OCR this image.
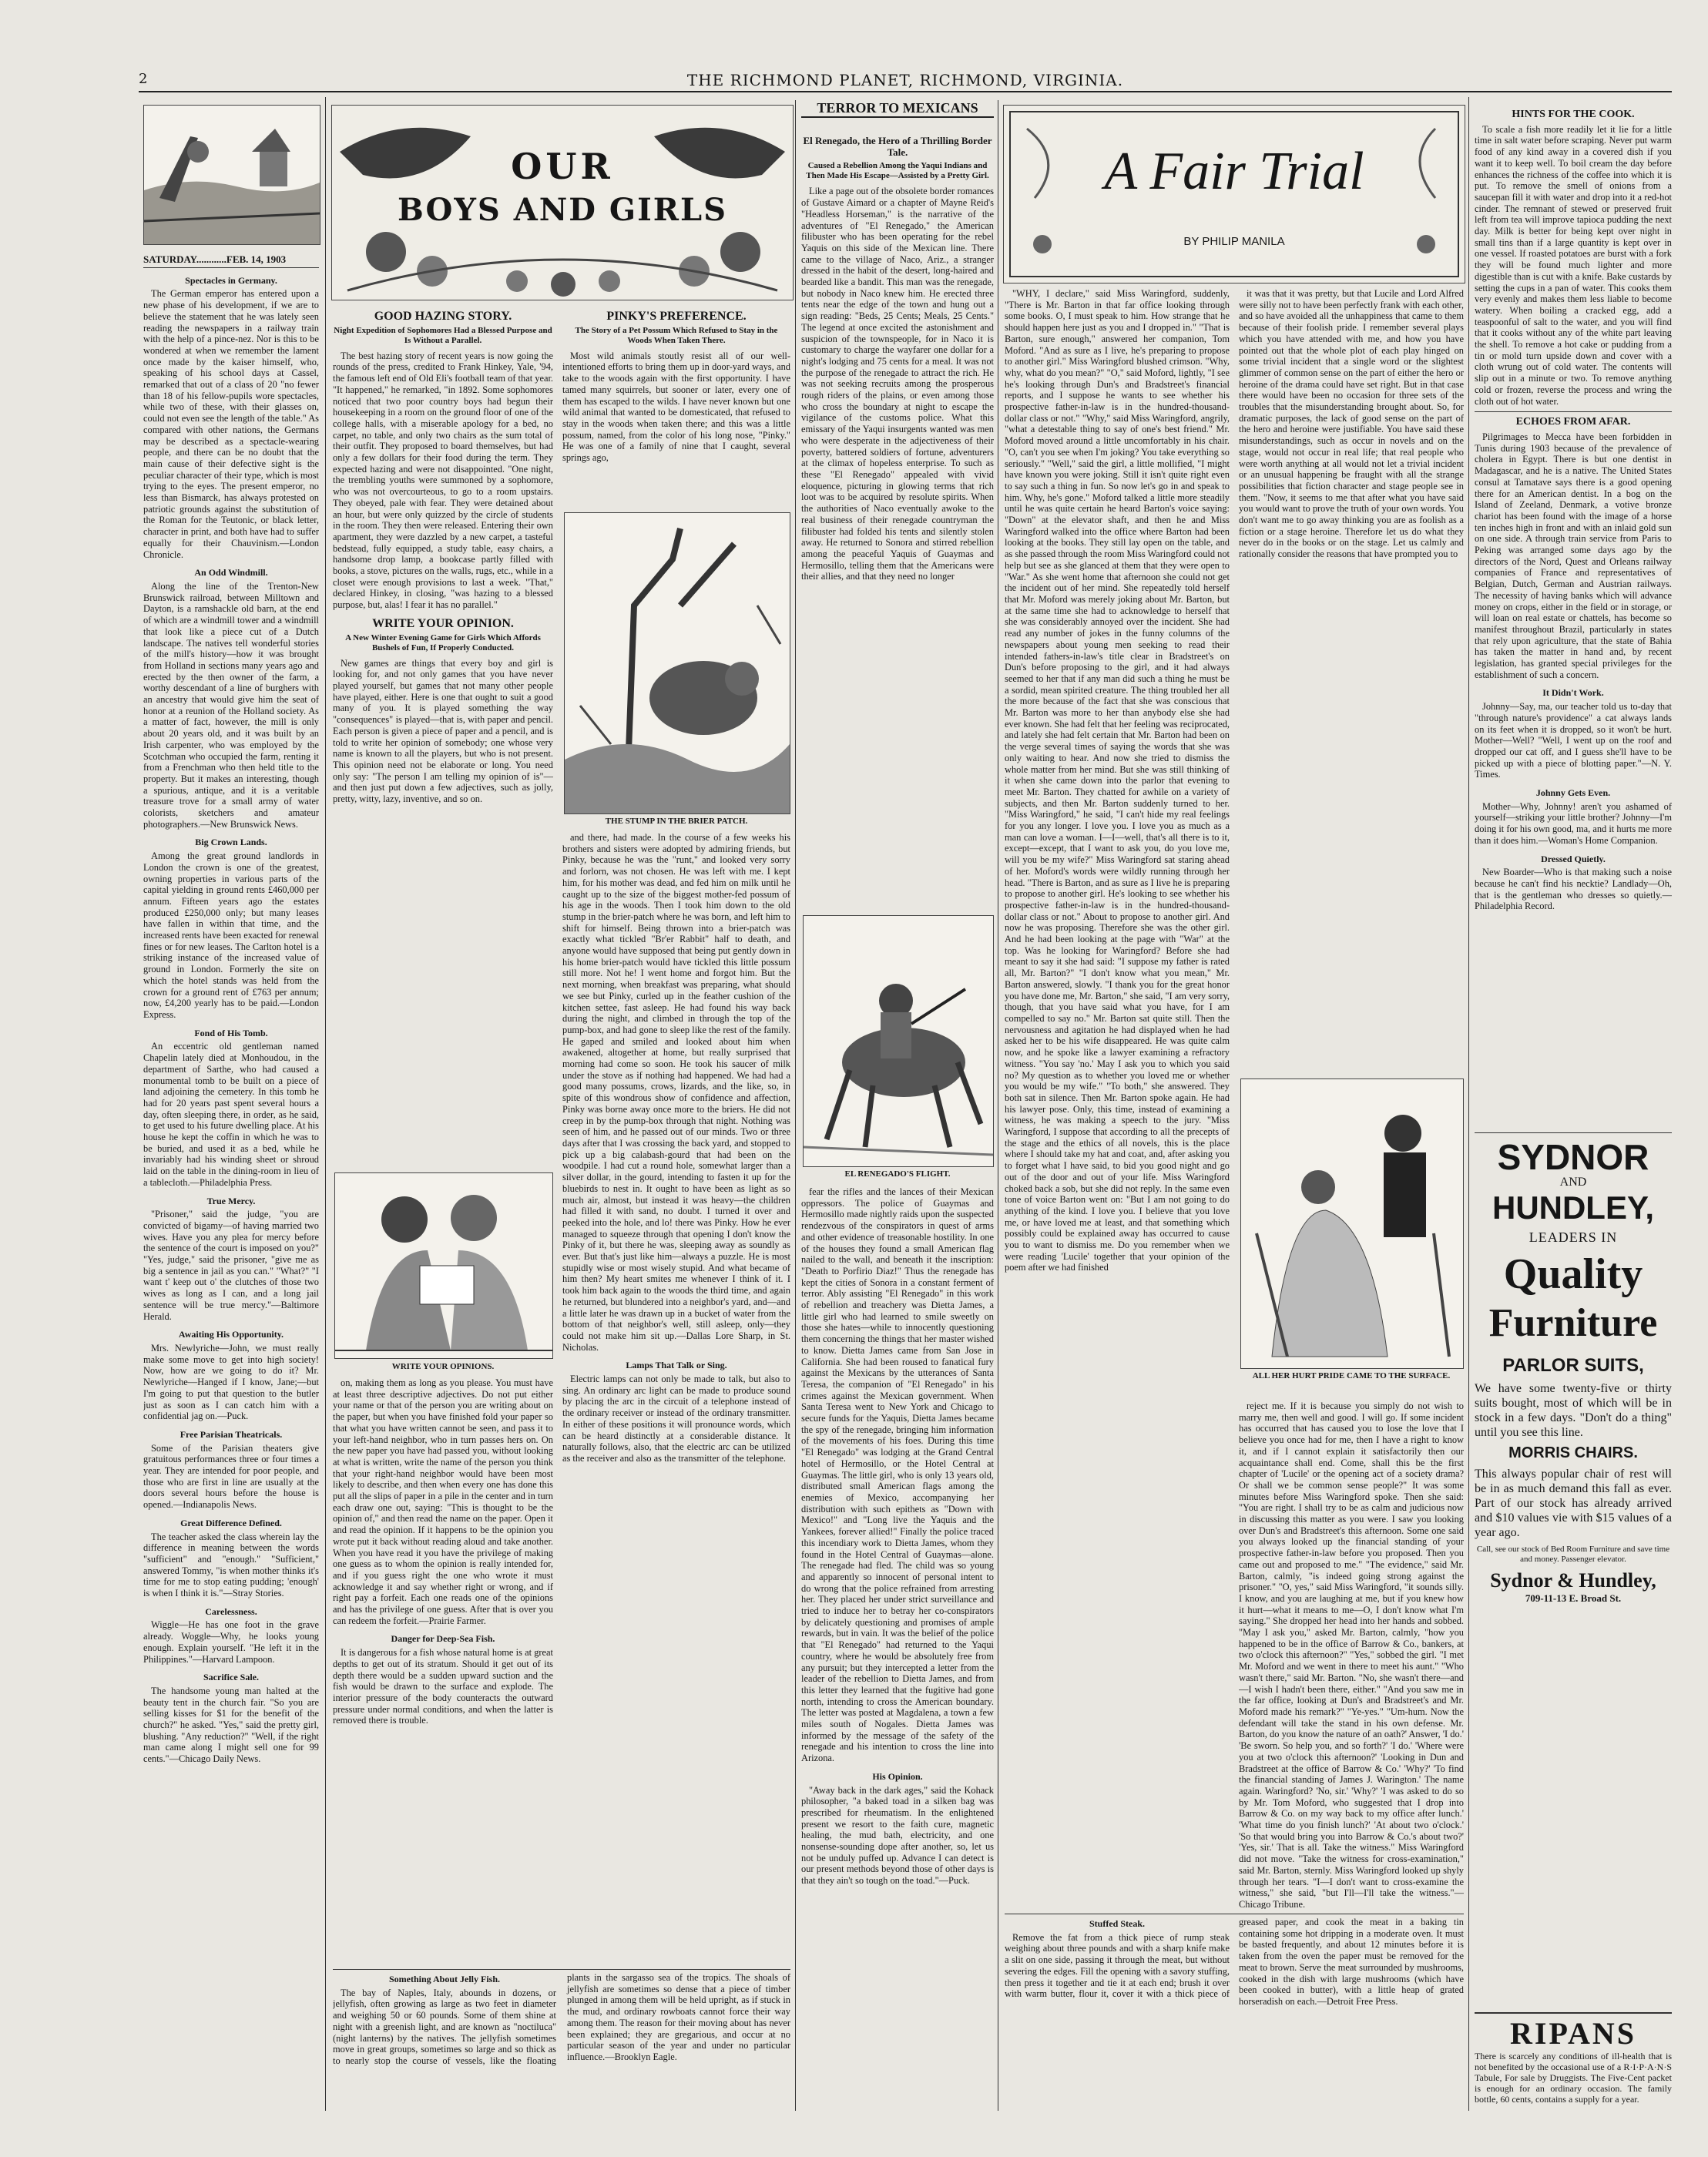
2	THE RICHMOND PLANET, RICHMOND, VIRGINIA.
SATURDAY............FEB. 14, 1903
Spectacles in Germany.

The German emperor has entered upon a new phase of his development, if we are to believe the statement that he was lately seen reading the newspapers in a railway train with the help of a pince-nez. Nor is this to be wondered at when we remember the lament once made by the kaiser himself, who, speaking of his school days at Cassel, remarked that out of a class of 20 "no fewer than 18 of his fellow-pupils wore spectacles, while two of these, with their glasses on, could not even see the length of the table." As compared with other nations, the Germans may be described as a spectacle-wearing people, and there can be no doubt that the main cause of their defective sight is the peculiar character of their type, which is most trying to the eyes. The present emperor, no less than Bismarck, has always protested on patriotic grounds against the substitution of the Roman for the Teutonic, or black letter, character in print, and both have had to suffer equally for their Chauvinism.—London Chronicle.

An Odd Windmill.

Along the line of the Trenton-New Brunswick railroad, between Milltown and Dayton, is a ramshackle old barn, at the end of which are a windmill tower and a windmill that look like a piece cut of a Dutch landscape. The natives tell wonderful stories of the mill's history—how it was brought from Holland in sections many years ago and erected by the then owner of the farm, a worthy descendant of a line of burghers with an ancestry that would give him the seat of honor at a reunion of the Holland society. As a matter of fact, however, the mill is only about 20 years old, and it was built by an Irish carpenter, who was employed by the Scotchman who occupied the farm, renting it from a Frenchman who then held title to the property. But it makes an interesting, though a spurious, antique, and it is a veritable treasure trove for a small army of water colorists, sketchers and amateur photographers.—New Brunswick News.

Big Crown Lands.

Among the great ground landlords in London the crown is one of the greatest, owning properties in various parts of the capital yielding in ground rents £460,000 per annum. Fifteen years ago the estates produced £250,000 only; but many leases have fallen in within that time, and the increased rents have been exacted for renewal fines or for new leases. The Carlton hotel is a striking instance of the increased value of ground in London. Formerly the site on which the hotel stands was held from the crown for a ground rent of £763 per annum; now, £4,200 yearly has to be paid.—London Express.

Fond of His Tomb.

An eccentric old gentleman named Chapelin lately died at Monhoudou, in the department of Sarthe, who had caused a monumental tomb to be built on a piece of land adjoining the cemetery. In this tomb he had for 20 years past spent several hours a day, often sleeping there, in order, as he said, to get used to his future dwelling place. At his house he kept the coffin in which he was to be buried, and used it as a bed, while he invariably had his winding sheet or shroud laid on the table in the dining-room in lieu of a tablecloth.—Philadelphia Press.

True Mercy.

"Prisoner," said the judge, "you are convicted of bigamy—of having married two wives. Have you any plea for mercy before the sentence of the court is imposed on you?" "Yes, judge," said the prisoner, "give me as big a sentence in jail as you can." "What?" "I want t' keep out o' the clutches of those two wives as long as I can, and a long jail sentence will be true mercy."—Baltimore Herald.

Awaiting His Opportunity.

Mrs. Newlyriche—John, we must really make some move to get into high society! Now, how are we going to do it? Mr. Newlyriche—Hanged if I know, Jane;—but I'm going to put that question to the butler just as soon as I can catch him with a confidential jag on.—Puck.

Free Parisian Theatricals.

Some of the Parisian theaters give gratuitous performances three or four times a year. They are intended for poor people, and those who are first in line are usually at the doors several hours before the house is opened.—Indianapolis News.

Great Difference Defined.

The teacher asked the class wherein lay the difference in meaning between the words "sufficient" and "enough." "Sufficient," answered Tommy, "is when mother thinks it's time for me to stop eating pudding; 'enough' is when I think it is."—Stray Stories.

Carelessness.

Wiggle—He has one foot in the grave already. Woggle—Why, he looks young enough. Explain yourself. "He left it in the Philippines."—Harvard Lampoon.

Sacrifice Sale.

The handsome young man halted at the beauty tent in the church fair. "So you are selling kisses for $1 for the benefit of the church?" he asked. "Yes," said the pretty girl, blushing. "Any reduction?" "Well, if the right man came along I might sell one for 99 cents."—Chicago Daily News.

OUR
BOYS AND GIRLS
GOOD HAZING STORY.
Night Expedition of Sophomores Had a Blessed Purpose and Is Without a Parallel.

The best hazing story of recent years is now going the rounds of the press, credited to Frank Hinkey, Yale, '94, the famous left end of Old Eli's football team of that year. "It happened," he remarked, "in 1892. Some sophomores noticed that two poor country boys had begun their housekeeping in a room on the ground floor of one of the college halls, with a miserable apology for a bed, no carpet, no table, and only two chairs as the sum total of their outfit. They proposed to board themselves, but had only a few dollars for their food during the term. They expected hazing and were not disappointed. "One night, the trembling youths were summoned by a sophomore, who was not overcourteous, to go to a room upstairs. They obeyed, pale with fear. They were detained about an hour, but were only quizzed by the circle of students in the room. They then were released. Entering their own apartment, they were dazzled by a new carpet, a tasteful bedstead, fully equipped, a study table, easy chairs, a handsome drop lamp, a bookcase partly filled with books, a stove, pictures on the walls, rugs, etc., while in a closet were enough provisions to last a week. "That," declared Hinkey, in closing, "was hazing to a blessed purpose, but, alas! I fear it has no parallel."

WRITE YOUR OPINION.
A New Winter Evening Game for Girls Which Affords Bushels of Fun, If Properly Conducted.

New games are things that every boy and girl is looking for, and not only games that you have never played yourself, but games that not many other people have played, either. Here is one that ought to suit a good many of you. It is played something the way "consequences" is played—that is, with paper and pencil. Each person is given a piece of paper and a pencil, and is told to write her opinion of somebody; one whose very name is known to all the players, but who is not present. This opinion need not be elaborate or long. You need only say: "The person I am telling my opinion of is"—and then just put down a few adjectives, such as jolly, pretty, witty, lazy, inventive, and so on.

WRITE YOUR OPINIONS.

on, making them as long as you please. You must have at least three descriptive adjectives. Do not put either your name or that of the person you are writing about on the paper, but when you have finished fold your paper so that what you have written cannot be seen, and pass it to your left-hand neighbor, who in turn passes hers on. On the new paper you have had passed you, without looking at what is written, write the name of the person you think that your right-hand neighbor would have been most likely to describe, and then when every one has done this put all the slips of paper in a pile in the center and in turn each draw one out, saying: "This is thought to be the opinion of," and then read the name on the paper. Open it and read the opinion. If it happens to be the opinion you wrote put it back without reading aloud and take another. When you have read it you have the privilege of making one guess as to whom the opinion is really intended for, and if you guess right the one who wrote it must acknowledge it and say whether right or wrong, and if right pay a forfeit. Each one reads one of the opinions and has the privilege of one guess. After that is over you can redeem the forfeit.—Prairie Farmer.

Danger for Deep-Sea Fish.

It is dangerous for a fish whose natural home is at great depths to get out of its stratum. Should it get out of its depth there would be a sudden upward suction and the fish would be drawn to the surface and explode. The interior pressure of the body counteracts the outward pressure under normal conditions, and when the latter is removed there is trouble.

PINKY'S PREFERENCE.
The Story of a Pet Possum Which Refused to Stay in the Woods When Taken There.

Most wild animals stoutly resist all of our well-intentioned efforts to bring them up in door-yard ways, and take to the woods again with the first opportunity. I have tamed many squirrels, but sooner or later, every one of them has escaped to the wilds. I have never known but one wild animal that wanted to be domesticated, that refused to stay in the woods when taken there; and this was a little possum, named, from the color of his long nose, "Pinky." He was one of a family of nine that I caught, several springs ago,

THE STUMP IN THE BRIER PATCH.

and there, had made. In the course of a few weeks his brothers and sisters were adopted by admiring friends, but Pinky, because he was the "runt," and looked very sorry and forlorn, was not chosen. He was left with me. I kept him, for his mother was dead, and fed him on milk until he caught up to the size of the biggest mother-fed possum of his age in the woods. Then I took him down to the old stump in the brier-patch where he was born, and left him to shift for himself. Being thrown into a brier-patch was exactly what tickled "Br'er Rabbit" half to death, and anyone would have supposed that being put gently down in his home brier-patch would have tickled this little possum still more. Not he! I went home and forgot him. But the next morning, when breakfast was preparing, what should we see but Pinky, curled up in the feather cushion of the kitchen settee, fast asleep. He had found his way back during the night, and climbed in through the top of the pump-box, and had gone to sleep like the rest of the family. He gaped and smiled and looked about him when awakened, altogether at home, but really surprised that morning had come so soon. He took his saucer of milk under the stove as if nothing had happened. We had had a good many possums, crows, lizards, and the like, so, in spite of this wondrous show of confidence and affection, Pinky was borne away once more to the briers. He did not creep in by the pump-box through that night. Nothing was seen of him, and he passed out of our minds. Two or three days after that I was crossing the back yard, and stopped to pick up a big calabash-gourd that had been on the woodpile. I had cut a round hole, somewhat larger than a silver dollar, in the gourd, intending to fasten it up for the bluebirds to nest in. It ought to have been as light as so much air, almost, but instead it was heavy—the children had filled it with sand, no doubt. I turned it over and peeked into the hole, and lo! there was Pinky. How he ever managed to squeeze through that opening I don't know the Pinky of it, but there he was, sleeping away as soundly as ever. But that's just like him—always a puzzle. He is most stupidly wise or most wisely stupid. And what became of him then? My heart smites me whenever I think of it. I took him back again to the woods the third time, and again he returned, but blundered into a neighbor's yard, and—and a little later he was drawn up in a bucket of water from the bottom of that neighbor's well, still asleep, only—they could not make him sit up.—Dallas Lore Sharp, in St. Nicholas.

Lamps That Talk or Sing.

Electric lamps can not only be made to talk, but also to sing. An ordinary arc light can be made to produce sound by placing the arc in the circuit of a telephone instead of the ordinary receiver or instead of the ordinary transmitter. In either of these positions it will pronounce words, which can be heard distinctly at a considerable distance. It naturally follows, also, that the electric arc can be utilized as the receiver and also as the transmitter of the telephone.

Something About Jelly Fish.

The bay of Naples, Italy, abounds in dozens, or jellyfish, often growing as large as two feet in diameter and weighing 50 or 60 pounds. Some of them shine at night with a greenish light, and are known as "noctiluca" (night lanterns) by the natives. The jellyfish sometimes move in great groups, sometimes so large and so thick as to nearly stop the course of vessels, like the floating plants in the sargasso sea of the tropics. The shoals of jellyfish are sometimes so dense that a piece of timber plunged in among them will be held upright, as if stuck in the mud, and ordinary rowboats cannot force their way among them. The reason for their moving about has never been explained; they are gregarious, and occur at no particular season of the year and under no particular influence.—Brooklyn Eagle.

TERROR TO MEXICANS
El Renegado, the Hero of a Thrilling Border Tale.
Caused a Rebellion Among the Yaqui Indians and Then Made His Escape—Assisted by a Pretty Girl.

Like a page out of the obsolete border romances of Gustave Aimard or a chapter of Mayne Reid's "Headless Horseman," is the narrative of the adventures of "El Renegado," the American filibuster who has been operating for the rebel Yaquis on this side of the Mexican line. There came to the village of Naco, Ariz., a stranger dressed in the habit of the desert, long-haired and bearded like a bandit. This man was the renegade, but nobody in Naco knew him. He erected three tents near the edge of the town and hung out a sign reading: "Beds, 25 Cents; Meals, 25 Cents." The legend at once excited the astonishment and suspicion of the townspeople, for in Naco it is customary to charge the wayfarer one dollar for a night's lodging and 75 cents for a meal. It was not the purpose of the renegade to attract the rich. He was not seeking recruits among the prosperous rough riders of the plains, or even among those who cross the boundary at night to escape the vigilance of the customs police. What this emissary of the Yaqui insurgents wanted was men who were desperate in the adjectiveness of their poverty, battered soldiers of fortune, adventurers at the climax of hopeless enterprise. To such as these "El Renegado" appealed with vivid eloquence, picturing in glowing terms that rich loot was to be acquired by resolute spirits. When the authorities of Naco eventually awoke to the real business of their renegade countryman the filibuster had folded his tents and silently stolen away. He returned to Sonora and stirred rebellion among the peaceful Yaquis of Guaymas and Hermosillo, telling them that the Americans were their allies, and that they need no longer

EL RENEGADO'S FLIGHT.

fear the rifles and the lances of their Mexican oppressors. The police of Guaymas and Hermosillo made nightly raids upon the suspected rendezvous of the conspirators in quest of arms and other evidence of treasonable hostility. In one of the houses they found a small American flag nailed to the wall, and beneath it the inscription: "Death to Porfirio Diaz!" Thus the renegade has kept the cities of Sonora in a constant ferment of terror. Ably assisting "El Renegado" in this work of rebellion and treachery was Dietta James, a little girl who had learned to smile sweetly on those she hates—while to innocently questioning them concerning the things that her master wished to know. Dietta James came from San Jose in California. She had been roused to fanatical fury against the Mexicans by the utterances of Santa Teresa, the companion of "El Renegado" in his crimes against the Mexican government. When Santa Teresa went to New York and Chicago to secure funds for the Yaquis, Dietta James became the spy of the renegade, bringing him information of the movements of his foes. During this time "El Renegado" was lodging at the Grand Central hotel of Hermosillo, or the Hotel Central at Guaymas. The little girl, who is only 13 years old, distributed small American flags among the enemies of Mexico, accompanying her distribution with such epithets as "Down with Mexico!" and "Long live the Yaquis and the Yankees, forever allied!" Finally the police traced this incendiary work to Dietta James, whom they found in the Hotel Central of Guaymas—alone. The renegade had fled. The child was so young and apparently so innocent of personal intent to do wrong that the police refrained from arresting her. They placed her under strict surveillance and tried to induce her to betray her co-conspirators by delicately questioning and promises of ample rewards, but in vain. It was the belief of the police that "El Renegado" had returned to the Yaqui country, where he would be absolutely free from any pursuit; but they intercepted a letter from the leader of the rebellion to Dietta James, and from this letter they learned that the fugitive had gone north, intending to cross the American boundary. The letter was posted at Magdalena, a town a few miles south of Nogales. Dietta James was informed by the message of the safety of the renegade and his intention to cross the line into Arizona.

His Opinion.

"Away back in the dark ages," said the Kohack philosopher, "a baked toad in a silken bag was prescribed for rheumatism. In the enlightened present we resort to the faith cure, magnetic healing, the mud bath, electricity, and one nonsense-sounding dope after another, so, let us not be unduly puffed up. Advance I can detect is our present methods beyond those of other days is that they ain't so tough on the toad."—Puck.

A Fair Trial
BY PHILIP MANILA

"WHY, I declare," said Miss Waringford, suddenly, "There is Mr. Barton in that far office looking through some books. O, I must speak to him. How strange that he should happen here just as you and I dropped in." "That is Barton, sure enough," answered her companion, Tom Moford. "And as sure as I live, he's preparing to propose to another girl." Miss Waringford blushed crimson. "Why, why, what do you mean?" "O," said Moford, lightly, "I see he's looking through Dun's and Bradstreet's financial reports, and I suppose he wants to see whether his prospective father-in-law is in the hundred-thousand-dollar class or not." "Why," said Miss Waringford, angrily, "what a detestable thing to say of one's best friend." Mr. Moford moved around a little uncomfortably in his chair. "O, can't you see when I'm joking? You take everything so seriously." "Well," said the girl, a little mollified, "I might have known you were joking. Still it isn't quite right even to say such a thing in fun. So now let's go in and speak to him. Why, he's gone." Moford talked a little more steadily until he was quite certain he heard Barton's voice saying: "Down" at the elevator shaft, and then he and Miss Waringford walked into the office where Barton had been looking at the books. They still lay open on the table, and as she passed through the room Miss Waringford could not help but see as she glanced at them that they were open to "War." As she went home that afternoon she could not get the incident out of her mind. She repeatedly told herself that Mr. Moford was merely joking about Mr. Barton, but at the same time she had to acknowledge to herself that she was considerably annoyed over the incident. She had read any number of jokes in the funny columns of the newspapers about young men seeking to read their intended fathers-in-law's title clear in Bradstreet's on Dun's before proposing to the girl, and it had always seemed to her that if any man did such a thing he must be a sordid, mean spirited creature. The thing troubled her all the more because of the fact that she was conscious that Mr. Barton was more to her than anybody else she had ever known. She had felt that her feeling was reciprocated, and lately she had felt certain that Mr. Barton had been on the verge several times of saying the words that she was only waiting to hear. And now she tried to dismiss the whole matter from her mind. But she was still thinking of it when she came down into the parlor that evening to meet Mr. Barton. They chatted for awhile on a variety of subjects, and then Mr. Barton suddenly turned to her. "Miss Waringford," he said, "I can't hide my real feelings for you any longer. I love you. I love you as much as a man can love a woman. I—I—well, that's all there is to it, except—except, that I want to ask you, do you love me, will you be my wife?" Miss Waringford sat staring ahead of her. Moford's words were wildly running through her head. "There is Barton, and as sure as I live he is preparing to propose to another girl. He's looking to see whether his prospective father-in-law is in the hundred-thousand-dollar class or not." About to propose to another girl. And now he was proposing. Therefore she was the other girl. And he had been looking at the page with "War" at the top. Was he looking for Waringford? Before she had meant to say it she had said: "I suppose my father is rated all, Mr. Barton?" "I don't know what you mean," Mr. Barton answered, slowly. "I thank you for the great honor you have done me, Mr. Barton," she said, "I am very sorry, though, that you have said what you have, for I am compelled to say no." Mr. Barton sat quite still. Then the nervousness and agitation he had displayed when he had asked her to be his wife disappeared. He was quite calm now, and he spoke like a lawyer examining a refractory witness. "You say 'no.' May I ask you to which you said no? My question as to whether you loved me or whether you would be my wife." "To both," she answered. They both sat in silence. Then Mr. Barton spoke again. He had his lawyer pose. Only, this time, instead of examining a witness, he was making a speech to the jury. "Miss Waringford, I suppose that according to all the precepts of the stage and the ethics of all novels, this is the place where I should take my hat and coat, and, after asking you to forget what I have said, to bid you good night and go out of the door and out of your life. Miss Waringford choked back a sob, but she did not reply. In the same even tone of voice Barton went on: "But I am not going to do anything of the kind. I love you. I believe that you love me, or have loved me at least, and that something which possibly could be explained away has occurred to cause you to want to dismiss me. Do you remember when we were reading 'Lucile' together that your opinion of the poem after we had finished

it was that it was pretty, but that Lucile and Lord Alfred were silly not to have been perfectly frank with each other, and so have avoided all the unhappiness that came to them because of their foolish pride. I remember several plays which you have attended with me, and how you have pointed out that the whole plot of each play hinged on some trivial incident that a single word or the slightest glimmer of common sense on the part of either the hero or heroine of the drama could have set right. But in that case there would have been no occasion for three sets of the troubles that the misunderstanding brought about. So, for dramatic purposes, the lack of good sense on the part of the hero and heroine were justifiable. You have said these misunderstandings, such as occur in novels and on the stage, would not occur in real life; that real people who were worth anything at all would not let a trivial incident or an unusual happening be fraught with all the strange possibilities that fiction character and stage people see in them. "Now, it seems to me that after what you have said you would want to prove the truth of your own words. You don't want me to go away thinking you are as foolish as a fiction or a stage heroine. Therefore let us do what they never do in the books or on the stage. Let us calmly and rationally consider the reasons that have prompted you to

ALL HER HURT PRIDE CAME TO THE SURFACE.

reject me. If it is because you simply do not wish to marry me, then well and good. I will go. If some incident has occurred that has caused you to lose the love that I believe you once had for me, then I have a right to know it, and if I cannot explain it satisfactorily then our acquaintance shall end. Come, shall this be the first chapter of 'Lucile' or the opening act of a society drama? Or shall we be common sense people?" It was some minutes before Miss Waringford spoke. Then she said: "You are right. I shall try to be as calm and judicious now in discussing this matter as you were. I saw you looking over Dun's and Bradstreet's this afternoon. Some one said you always looked up the financial standing of your prospective father-in-law before you proposed. Then you came out and proposed to me." "The evidence," said Mr. Barton, calmly, "is indeed going strong against the prisoner." "O, yes," said Miss Waringford, "it sounds silly. I know, and you are laughing at me, but if you knew how it hurt—what it means to me—O, I don't know what I'm saying." She dropped her head into her hands and sobbed. "May I ask you," asked Mr. Barton, calmly, "how you happened to be in the office of Barrow & Co., bankers, at two o'clock this afternoon?" "Yes," sobbed the girl. "I met Mr. Moford and we went in there to meet his aunt." "Who wasn't there," said Mr. Barton. "No, she wasn't there—and—I wish I hadn't been there, either." "And you saw me in the far office, looking at Dun's and Bradstreet's and Mr. Moford made his remark?" "Ye-yes." "Um-hum. Now the defendant will take the stand in his own defense. Mr. Barton, do you know the nature of an oath?' Answer, 'I do.' 'Be sworn. So help you, and so forth?' 'I do.' 'Where were you at two o'clock this afternoon?' 'Looking in Dun and Bradstreet at the office of Barrow & Co.' 'Why?' 'To find the financial standing of James J. Warington.' The name again. Waringford? 'No, sir.' 'Why?' 'I was asked to do so by Mr. Tom Moford, who suggested that I drop into Barrow & Co. on my way back to my office after lunch.' 'What time do you finish lunch?' 'At about two o'clock.' 'So that would bring you into Barrow & Co.'s about two?' 'Yes, sir.' That is all. Take the witness." Miss Waringford did not move. "Take the witness for cross-examination," said Mr. Barton, sternly. Miss Waringford looked up shyly through her tears. "I—I don't want to cross-examine the witness," she said, "but I'll—I'll take the witness."—Chicago Tribune.

Stuffed Steak.

Remove the fat from a thick piece of rump steak weighing about three pounds and with a sharp knife make a slit on one side, passing it through the meat, but without severing the edges. Fill the opening with a savory stuffing, then press it together and tie it at each end; brush it over with warm butter, flour it, cover it with a thick piece of greased paper, and cook the meat in a baking tin containing some hot dripping in a moderate oven. It must be basted frequently, and about 12 minutes before it is taken from the oven the paper must be removed for the meat to brown. Serve the meat surrounded by mushrooms, cooked in the dish with large mushrooms (which have been cooked in butter), with a little heap of grated horseradish on each.—Detroit Free Press.

HINTS FOR THE COOK.

To scale a fish more readily let it lie for a little time in salt water before scraping. Never put warm food of any kind away in a covered dish if you want it to keep well. To boil cream the day before enhances the richness of the coffee into which it is put. To remove the smell of onions from a saucepan fill it with water and drop into it a red-hot cinder. The remnant of stewed or preserved fruit left from tea will improve tapioca pudding the next day. Milk is better for being kept over night in small tins than if a large quantity is kept over in one vessel. If roasted potatoes are burst with a fork they will be found much lighter and more digestible than is cut with a knife. Bake custards by setting the cups in a pan of water. This cooks them very evenly and makes them less liable to become watery. When boiling a cracked egg, add a teaspoonful of salt to the water, and you will find that it cooks without any of the white part leaving the shell. To remove a hot cake or pudding from a tin or mold turn upside down and cover with a cloth wrung out of cold water. The contents will slip out in a minute or two. To remove anything cold or frozen, reverse the process and wring the cloth out of hot water.

ECHOES FROM AFAR.

Pilgrimages to Mecca have been forbidden in Tunis during 1903 because of the prevalence of cholera in Egypt. There is but one dentist in Madagascar, and he is a native. The United States consul at Tamatave says there is a good opening there for an American dentist. In a bog on the Island of Zeeland, Denmark, a votive bronze chariot has been found with the image of a horse ten inches high in front and with an inlaid gold sun on one side. A through train service from Paris to Peking was arranged some days ago by the directors of the Nord, Quest and Orleans railway companies of France and representatives of Belgian, Dutch, German and Austrian railways. The necessity of having banks which will advance money on crops, either in the field or in storage, or will loan on real estate or chattels, has become so manifest throughout Brazil, particularly in states that rely upon agriculture, that the state of Bahia has taken the matter in hand and, by recent legislation, has granted special privileges for the establishment of such a concern.

It Didn't Work.

Johnny—Say, ma, our teacher told us to-day that "through nature's providence" a cat always lands on its feet when it is dropped, so it won't be hurt. Mother—Well? "Well, I went up on the roof and dropped our cat off, and I guess she'll have to be picked up with a piece of blotting paper."—N. Y. Times.

Johnny Gets Even.

Mother—Why, Johnny! aren't you ashamed of yourself—striking your little brother? Johnny—I'm doing it for his own good, ma, and it hurts me more than it does him.—Woman's Home Companion.

Dressed Quietly.

New Boarder—Who is that making such a noise because he can't find his necktie? Landlady—Oh, that is the gentleman who dresses so quietly.—Philadelphia Record.

SYDNOR
AND
HUNDLEY,
LEADERS IN
Quality
Furniture
PARLOR SUITS,
We have some twenty-five or thirty suits bought, most of which will be in stock in a few days. "Don't do a thing" until you see this line.
MORRIS CHAIRS.
This always popular chair of rest will be in as much demand this fall as ever. Part of our stock has already arrived and $10 values vie with $15 values of a year ago.
Call, see our stock of Bed Room Furniture and save time and money. Passenger elevator.
Sydnor & Hundley,
709-11-13 E. Broad St.
RIPANS
There is scarcely any conditions of ill-health that is not benefited by the occasional use of a R·I·P·A·N·S Tabule, For sale by Druggists. The Five-Cent packet is enough for an ordinary occasion. The family bottle, 60 cents, contains a supply for a year.
